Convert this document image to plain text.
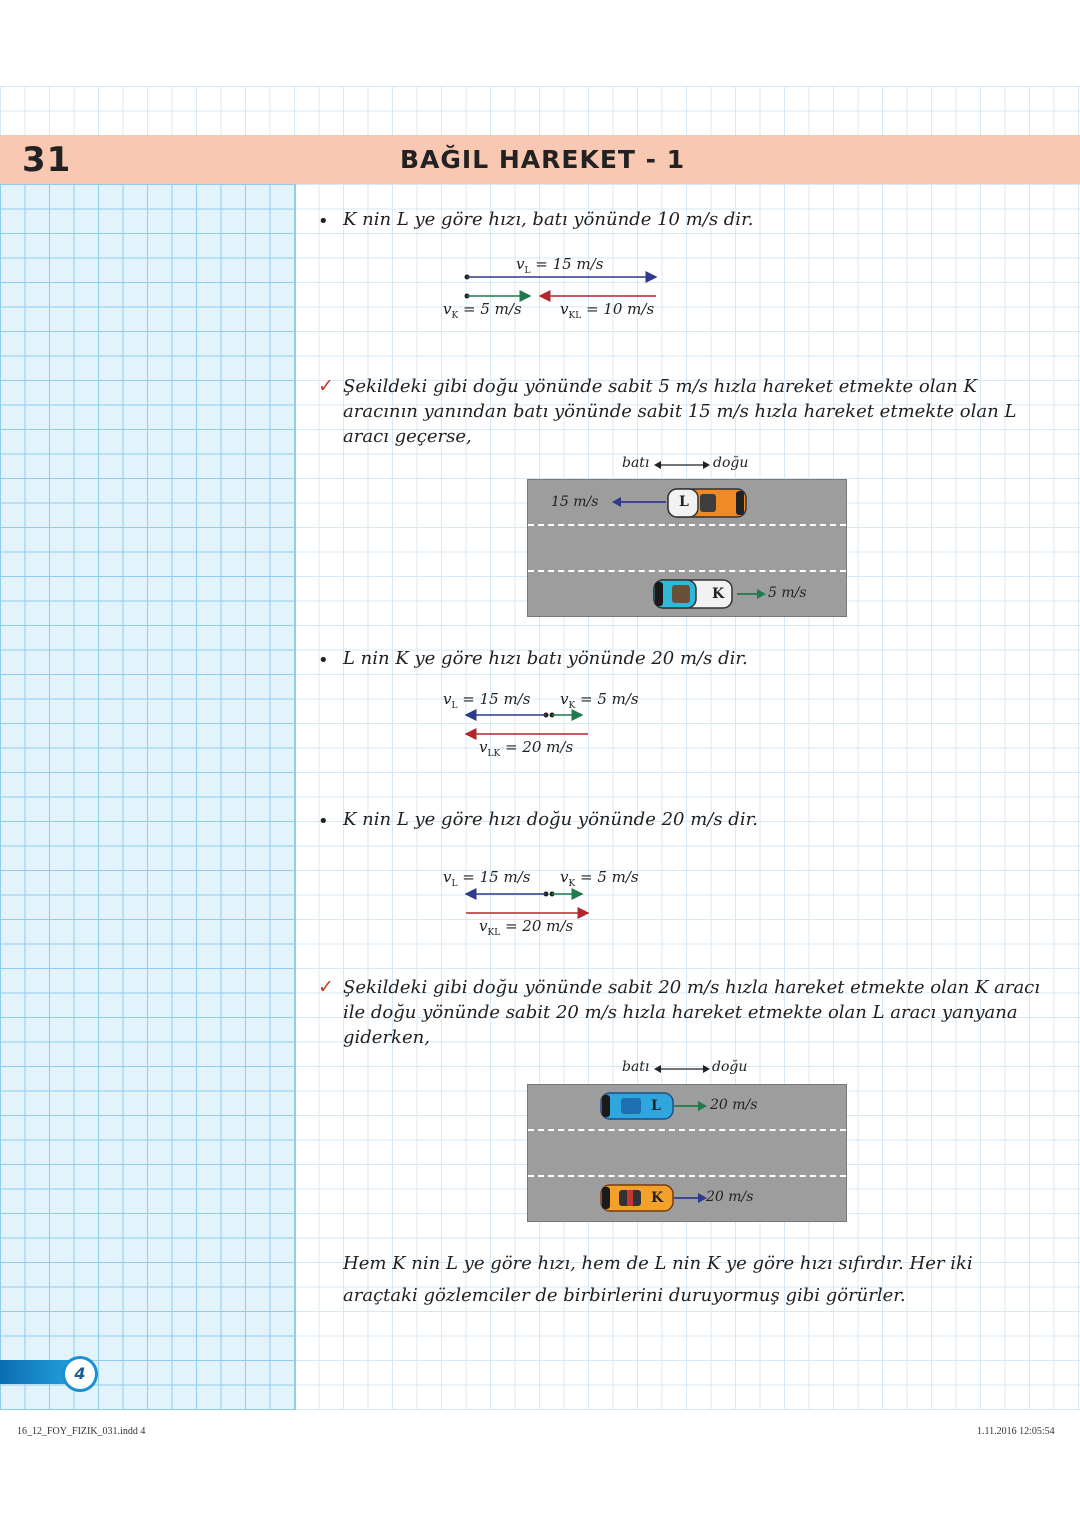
31	BAĞIL HAREKET - 1
• K nin L ye göre hızı, batı yönünde 10 m/s dir.
$v_L = 15$ m/s
$v_K = 5$ m/s	$v_{KL} = 10$ m/s
✓ Şekildeki gibi doğu yönünde sabit 5 m/s hızla hareket etmekte olan K aracının yanından batı yönünde sabit 15 m/s hızla hareket etmekte olan L aracı geçerse,
batı	doğu
15 m/s	L
K	5 m/s
• L nin K ye göre hızı batı yönünde 20 m/s dir.
$v_L = 15$ m/s $v_K = 5$ m/s
$v_{LK} = 20$ m/s
• K nin L ye göre hızı doğu yönünde 20 m/s dir.
$v_L = 15$ m/s $v_K = 5$ m/s
$v_{KL} = 20$ m/s
✓ Şekildeki gibi doğu yönünde sabit 20 m/s hızla hareket etmekte olan K aracı ile doğu yönünde sabit 20 m/s hızla hareket etmekte olan L aracı yanyana giderken,
batı	doğu
L	20 m/s
K	20 m/s
Hem K nin L ye göre hızı, hem de L nin K ye göre hızı sıfırdır. Her iki araçtaki gözlemciler de birbirlerini duruyormuş gibi görürler.
4
16_12_FOY_FIZIK_031.indd 4	1.11.2016 12:05:54
